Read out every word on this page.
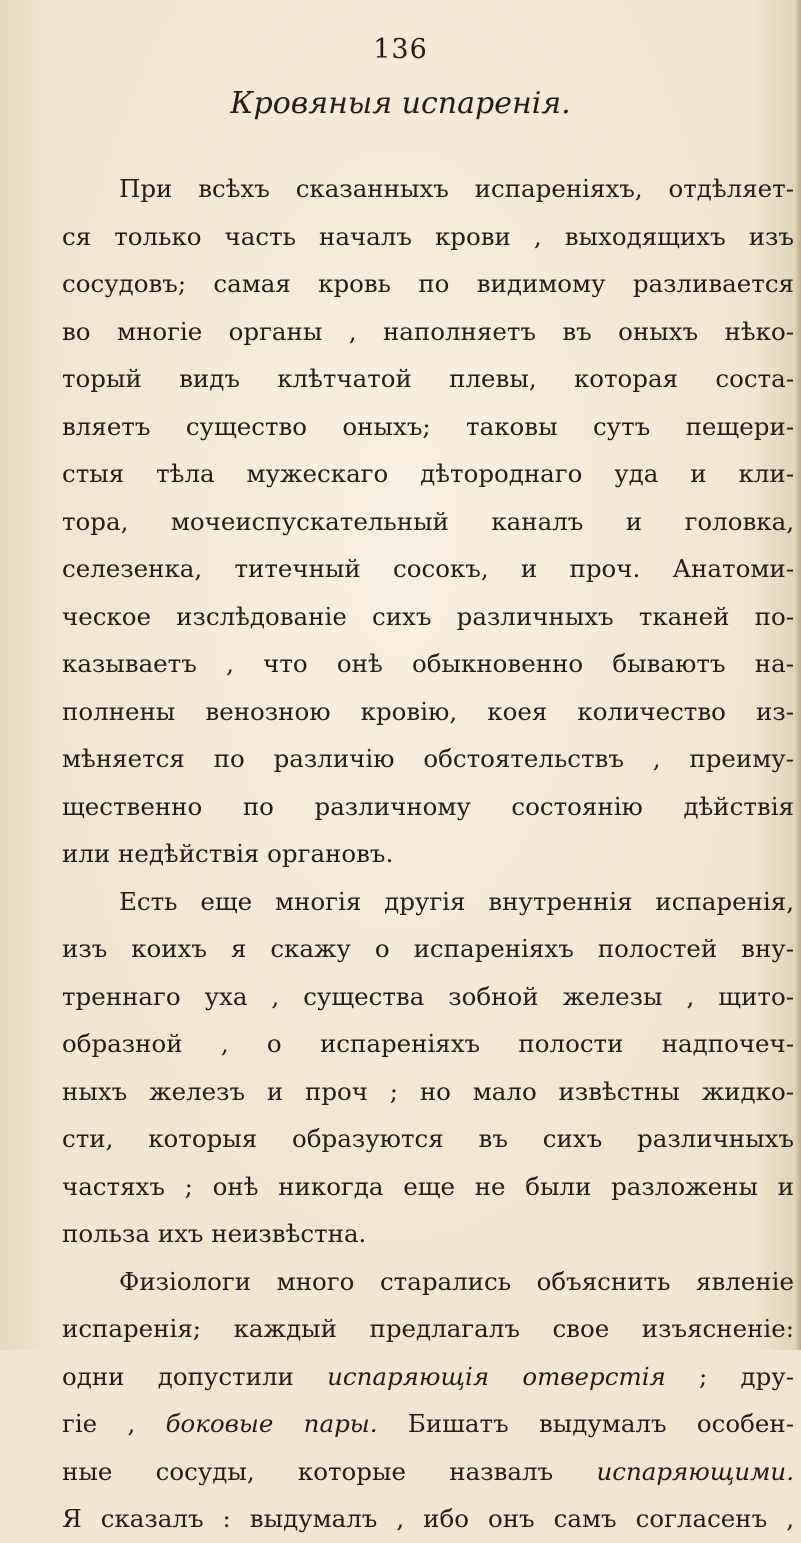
136
Кровяныя испаренія.
При всѣхъ сказанныхъ испареніяхъ, отдѣляет-
ся только часть началъ крови , выходящихъ изъ
сосудовъ; самая кровь по видимому разливается
во многіе органы , наполняетъ въ оныхъ нѣко-
торый видъ клѣтчатой плевы, которая соста-
вляетъ существо оныхъ; таковы сутъ пещери-
стыя тѣла мужескаго дѣтороднаго уда и кли-
тора, мочеиспускательный каналъ и головка,
селезенка, титечный сосокъ, и проч. Анатоми-
ческое изслѣдованіе сихъ различныхъ тканей по-
казываетъ , что онѣ обыкновенно бываютъ на-
полнены венозною кровію, коея количество из-
мѣняется по различію обстоятельствъ , преиму-
щественно по различному состоянію дѣйствія
или недѣйствія органовъ.
Есть еще многія другія внутреннія испаренія,
изъ коихъ я скажу о испареніяхъ полостей вну-
треннаго уха , существа зобной железы , щито-
образной , о испареніяхъ полости надпочеч-
ныхъ железъ и проч ; но мало извѣстны жидко-
сти, которыя образуются въ сихъ различныхъ
частяхъ ; онѣ никогда еще не были разложены и
польза ихъ неизвѣстна.
Физіологи много старались объяснить явленіе
испаренія; каждый предлагалъ свое изъясненіе:
одни допустили испаряющія отверстія ; дру-
гіе , боковые пары. Бишатъ выдумалъ особен-
ные сосуды, которые назвалъ испаряющими.
Я сказалъ : выдумалъ , ибо онъ самъ согласенъ ,
